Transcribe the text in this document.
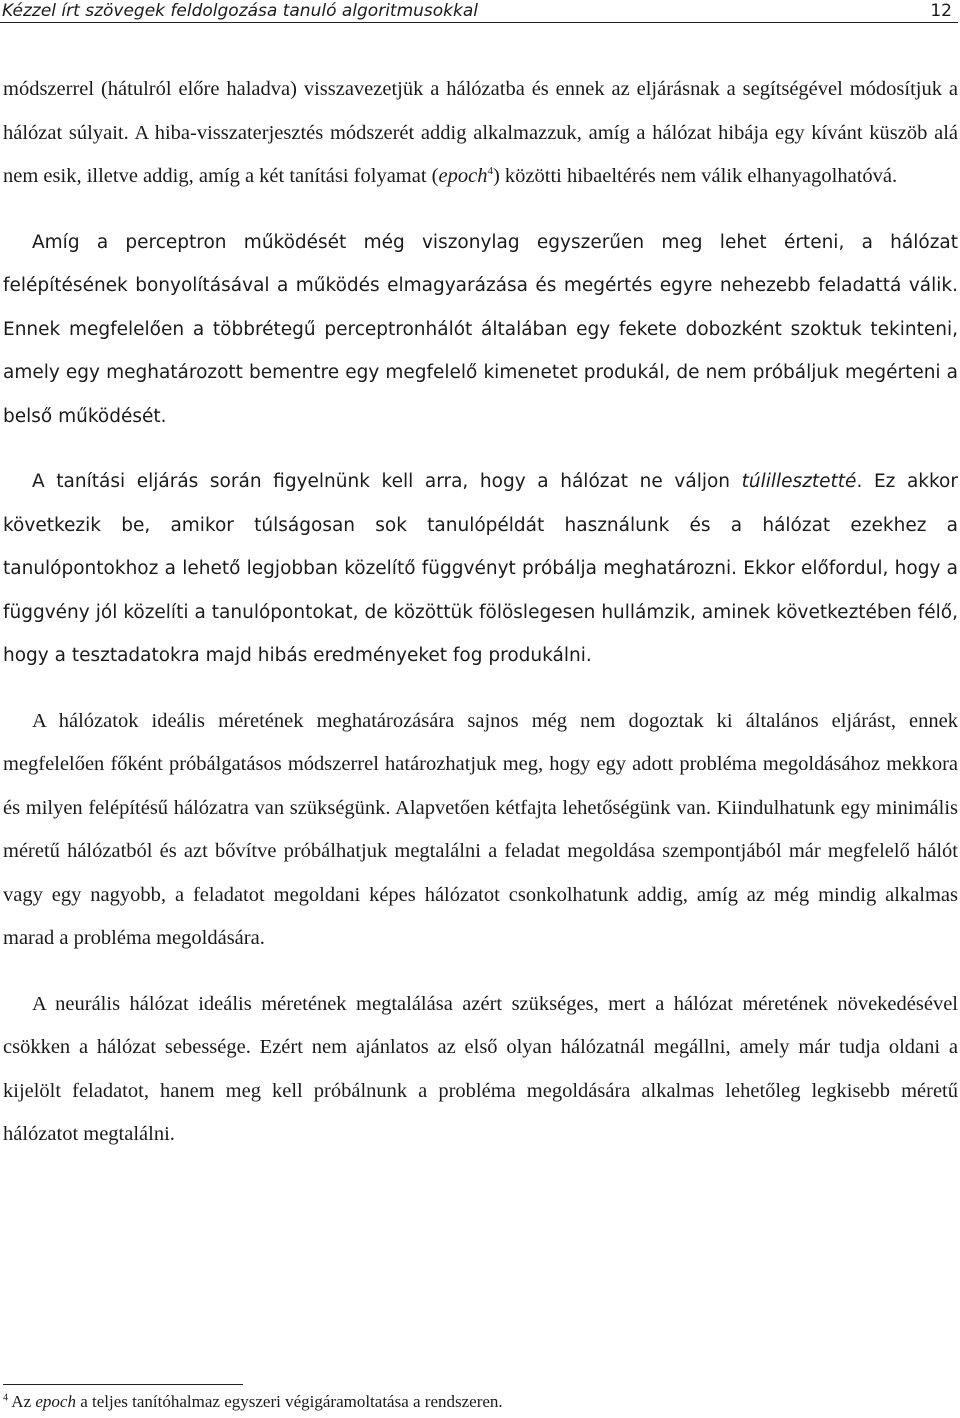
Kézzel írt szövegek feldolgozása tanuló algoritmusokkal	12

módszerrel (hátulról előre haladva) visszavezetjük a hálózatba és ennek az eljárásnak a segítségével módosítjuk a hálózat súlyait. A hiba-visszaterjesztés módszerét addig alkalmazzuk, amíg a hálózat hibája egy kívánt küszöb alá nem esik, illetve addig, amíg a két tanítási folyamat (epoch$^4$) közötti hibaeltérés nem válik elhanyagolhatóvá.

Amíg a perceptron működését még viszonylag egyszerűen meg lehet érteni, a hálózat felépítésének bonyolításával a működés elmagyarázása és megértés egyre nehezebb feladattá válik. Ennek megfelelően a többrétegű perceptronhálót általában egy fekete dobozként szoktuk tekinteni, amely egy meghatározott bementre egy megfelelő kimenetet produkál, de nem próbáljuk megérteni a belső működését.

A tanítási eljárás során figyelnünk kell arra, hogy a hálózat ne váljon túlillesztetté. Ez akkor következik be, amikor túlságosan sok tanulópéldát használunk és a hálózat ezekhez a tanulópontokhoz a lehető legjobban közelítő függvényt próbálja meghatározni. Ekkor előfordul, hogy a függvény jól közelíti a tanulópontokat, de közöttük fölöslegesen hullámzik, aminek következtében félő, hogy a tesztadatokra majd hibás eredményeket fog produkálni.

A hálózatok ideális méretének meghatározására sajnos még nem dogoztak ki általános eljárást, ennek megfelelően főként próbálgatásos módszerrel határozhatjuk meg, hogy egy adott probléma megoldásához mekkora és milyen felépítésű hálózatra van szükségünk. Alapvetően kétfajta lehetőségünk van. Kiindulhatunk egy minimális méretű hálózatból és azt bővítve próbálhatjuk megtalálni a feladat megoldása szempontjából már megfelelő hálót vagy egy nagyobb, a feladatot megoldani képes hálózatot csonkolhatunk addig, amíg az még mindig alkalmas marad a probléma megoldására.

A neurális hálózat ideális méretének megtalálása azért szükséges, mert a hálózat méretének növekedésével csökken a hálózat sebessége. Ezért nem ajánlatos az első olyan hálózatnál megállni, amely már tudja oldani a kijelölt feladatot, hanem meg kell próbálnunk a probléma megoldására alkalmas lehetőleg legkisebb méretű hálózatot megtalálni.

$^4$ Az epoch a teljes tanítóhalmaz egyszeri végigáramoltatása a rendszeren.
